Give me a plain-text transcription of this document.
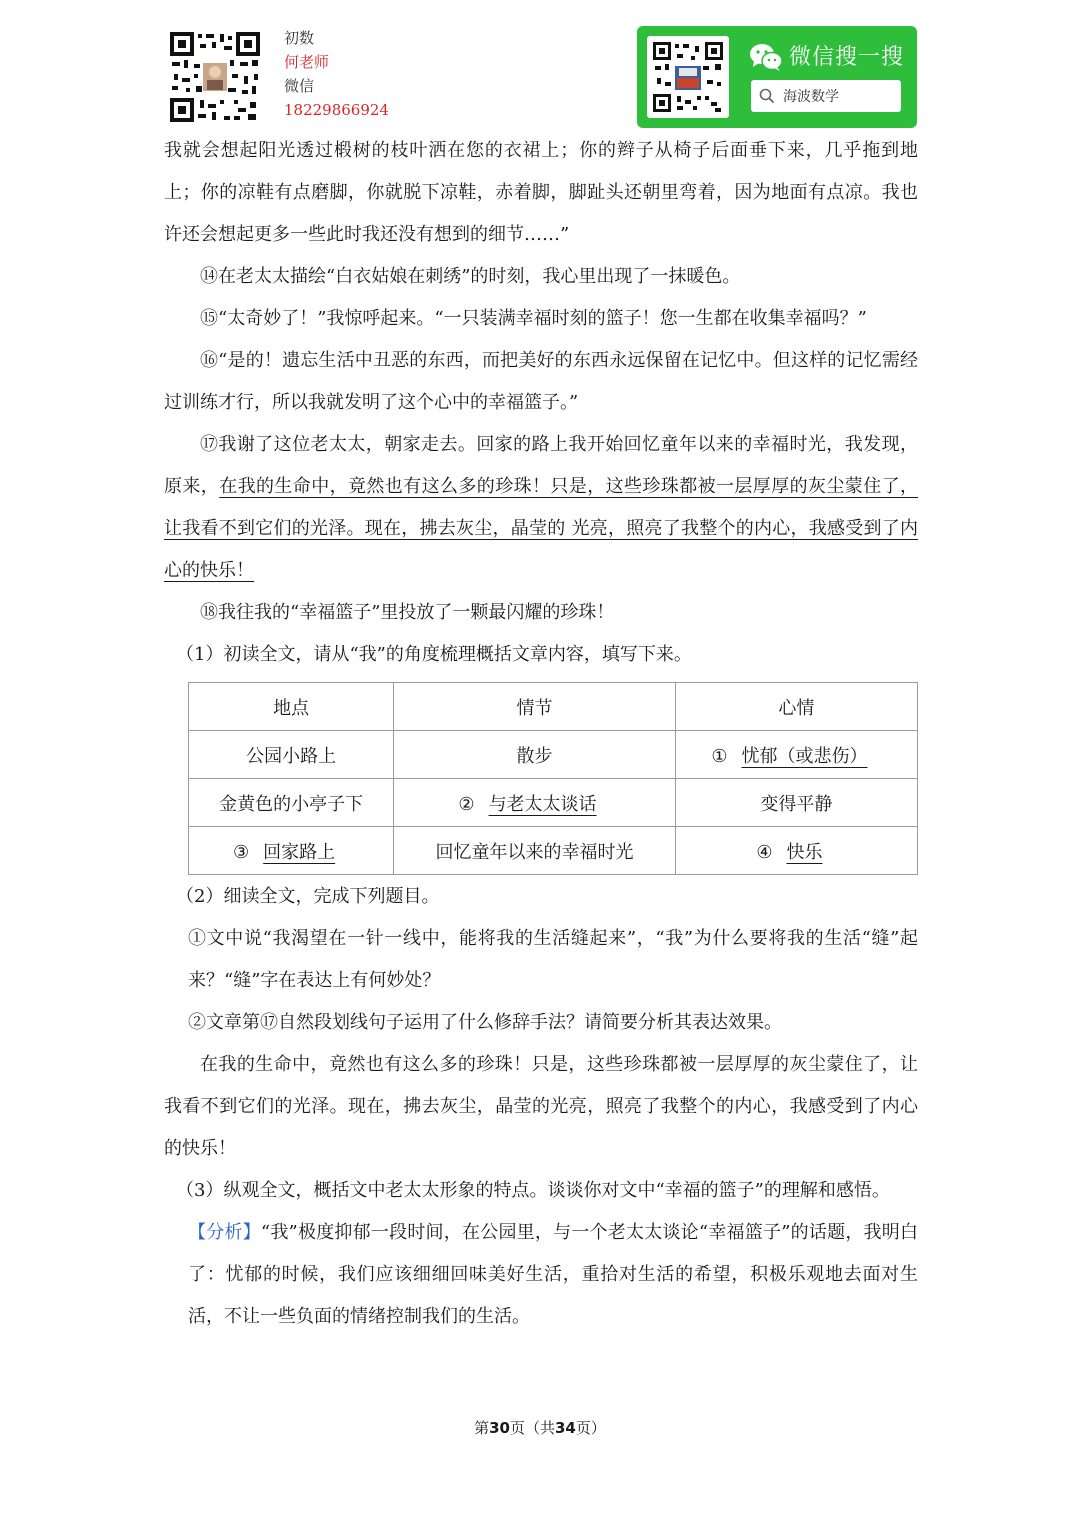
初数
何老师
微信
18229866924
微信搜一搜
海波数学

我就会想起阳光透过椴树的枝叶洒在您的衣裙上；你的辫子从椅子后面垂下来，几乎拖到地上；你的凉鞋有点磨脚，你就脱下凉鞋，赤着脚，脚趾头还朝里弯着，因为地面有点凉。我也许还会想起更多一些此时我还没有想到的细节……”

⑭在老太太描绘“白衣姑娘在刺绣”的时刻，我心里出现了一抹暖色。

⑮“太奇妙了！”我惊呼起来。“一只装满幸福时刻的篮子！您一生都在收集幸福吗？”

⑯“是的！遗忘生活中丑恶的东西，而把美好的东西永远保留在记忆中。但这样的记忆需经过训练才行，所以我就发明了这个心中的幸福篮子。”

⑰我谢了这位老太太，朝家走去。回家的路上我开始回忆童年以来的幸福时光，我发现，原来，在我的生命中，竟然也有这么多的珍珠！只是，这些珍珠都被一层厚厚的灰尘蒙住了，让我看不到它们的光泽。现在，拂去灰尘，晶莹的 光亮，照亮了我整个的内心，我感受到了内心的快乐！

⑱我往我的“幸福篮子”里投放了一颗最闪耀的珍珠！

（1）初读全文，请从“我”的角度梳理概括文章内容，填写下来。

地点	情节	心情
公园小路上	散步	① 忧郁（或悲伤）
金黄色的小亭子下	② 与老太太谈话	变得平静
③ 回家路上	回忆童年以来的幸福时光	④ 快乐

（2）细读全文，完成下列题目。

①文中说“我渴望在一针一线中，能将我的生活缝起来”，“我”为什么要将我的生活“缝”起来？“缝”字在表达上有何妙处？

②文章第⑰自然段划线句子运用了什么修辞手法？请简要分析其表达效果。

在我的生命中，竟然也有这么多的珍珠！只是，这些珍珠都被一层厚厚的灰尘蒙住了，让我看不到它们的光泽。现在，拂去灰尘，晶莹的光亮，照亮了我整个的内心，我感受到了内心的快乐！

（3）纵观全文，概括文中老太太形象的特点。谈谈你对文中“幸福的篮子”的理解和感悟。

【分析】“我”极度抑郁一段时间，在公园里，与一个老太太谈论“幸福篮子”的话题，我明白了：忧郁的时候，我们应该细细回味美好生活，重拾对生活的希望，积极乐观地去面对生活，不让一些负面的情绪控制我们的生活。

第30页（共34页）
